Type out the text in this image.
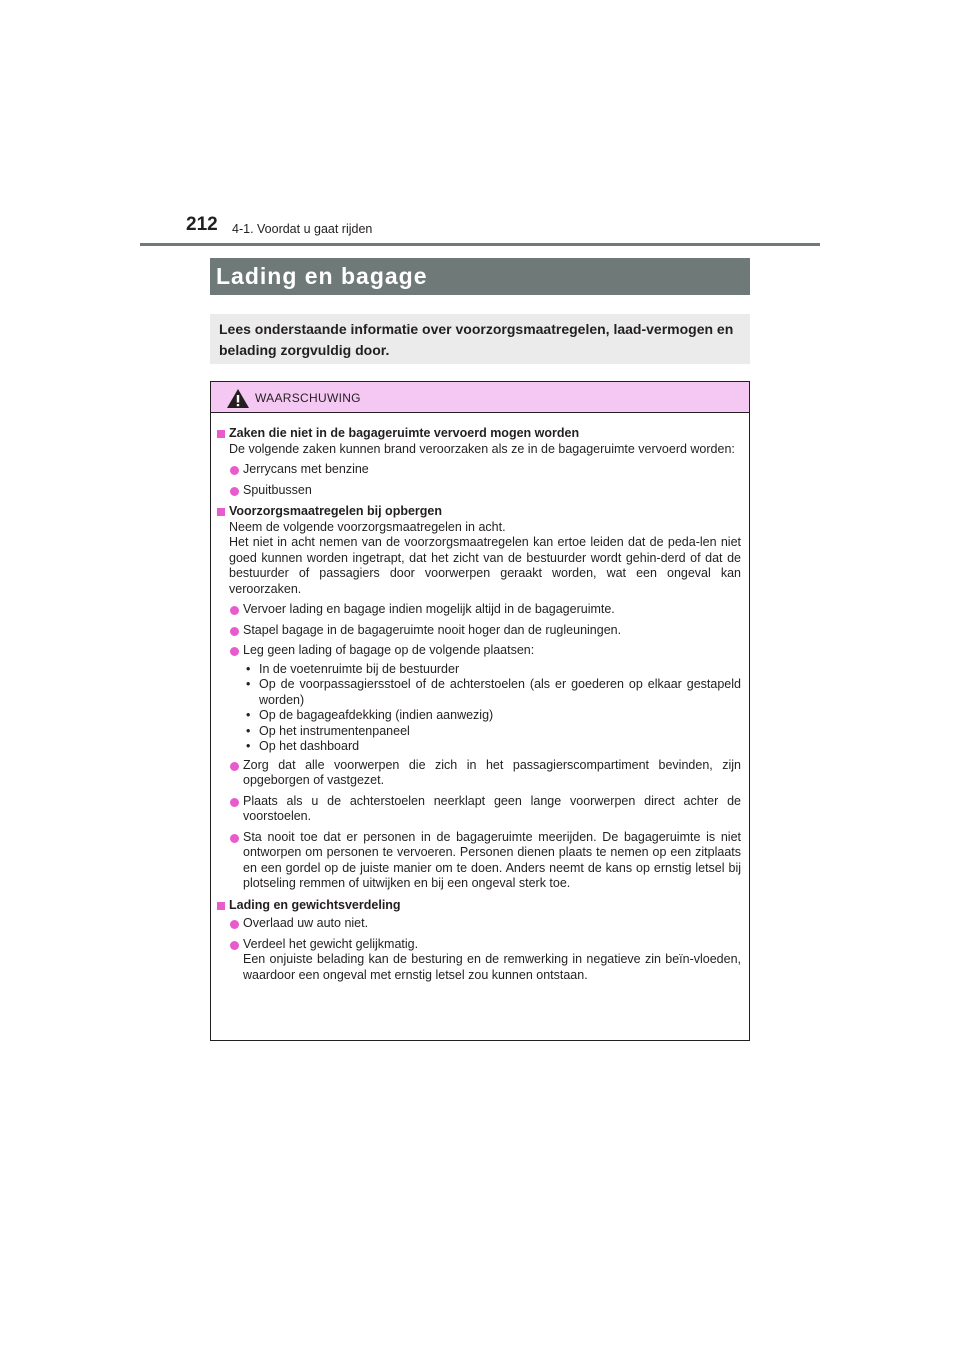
212 4-1. Voordat u gaat rijden
Lading en bagage
Lees onderstaande informatie over voorzorgsmaatregelen, laad-vermogen en belading zorgvuldig door.
WAARSCHUWING
Zaken die niet in de bagageruimte vervoerd mogen worden
De volgende zaken kunnen brand veroorzaken als ze in de bagageruimte vervoerd worden:
Jerrycans met benzine
Spuitbussen
Voorzorgsmaatregelen bij opbergen
Neem de volgende voorzorgsmaatregelen in acht.
Het niet in acht nemen van de voorzorgsmaatregelen kan ertoe leiden dat de peda-len niet goed kunnen worden ingetrapt, dat het zicht van de bestuurder wordt gehin-derd of dat de bestuurder of passagiers door voorwerpen geraakt worden, wat een ongeval kan veroorzaken.
Vervoer lading en bagage indien mogelijk altijd in de bagageruimte.
Stapel bagage in de bagageruimte nooit hoger dan de rugleuningen.
Leg geen lading of bagage op de volgende plaatsen:
• In de voetenruimte bij de bestuurder
• Op de voorpassagiersstoel of de achterstoelen (als er goederen op elkaar gestapeld worden)
• Op de bagageafdekking (indien aanwezig)
• Op het instrumentenpaneel
• Op het dashboard
Zorg dat alle voorwerpen die zich in het passagierscompartiment bevinden, zijn opgeborgen of vastgezet.
Plaats als u de achterstoelen neerklapt geen lange voorwerpen direct achter de voorstoelen.
Sta nooit toe dat er personen in de bagageruimte meerijden. De bagageruimte is niet ontworpen om personen te vervoeren. Personen dienen plaats te nemen op een zitplaats en een gordel op de juiste manier om te doen. Anders neemt de kans op ernstig letsel bij plotseling remmen of uitwijken en bij een ongeval sterk toe.
Lading en gewichtsverdeling
Overlaad uw auto niet.
Verdeel het gewicht gelijkmatig.
Een onjuiste belading kan de besturing en de remwerking in negatieve zin beïn-vloeden, waardoor een ongeval met ernstig letsel zou kunnen ontstaan.
